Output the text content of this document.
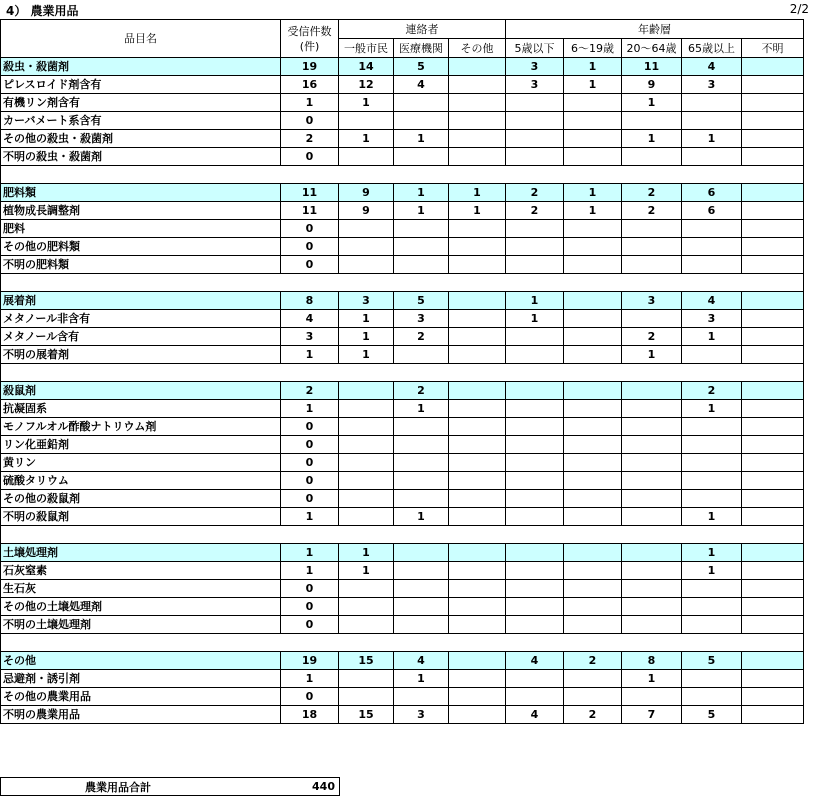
4） 農業用品	2/2
品目名	受信件数
(件)	連絡者			年齢層				
		一般市民	医療機関	その他	5歳以下	6～19歳	20～64歳	65歳以上	不明
殺虫・殺菌剤	19	14	5		3	1	11	4	
ピレスロイド剤含有	16	12	4		3	1	9	3	
有機リン剤含有	1	1					1		
カーバメート系含有	0								
その他の殺虫・殺菌剤	2	1	1				1	1	
不明の殺虫・殺菌剤	0								

肥料類	11	9	1	1	2	1	2	6	
植物成長調整剤	11	9	1	1	2	1	2	6	
肥料	0								
その他の肥料類	0								
不明の肥料類	0								

展着剤	8	3	5		1		3	4	
メタノール非含有	4	1	3		1			3	
メタノール含有	3	1	2				2	1	
不明の展着剤	1	1					1		

殺鼠剤	2		2					2	
抗凝固系	1		1					1	
モノフルオル酢酸ナトリウム剤	0								
リン化亜鉛剤	0								
黄リン	0								
硫酸タリウム	0								
その他の殺鼠剤	0								
不明の殺鼠剤	1		1					1	

土壌処理剤	1	1						1	
石灰窒素	1	1						1	
生石灰	0								
その他の土壌処理剤	0								
不明の土壌処理剤	0								

その他	19	15	4		4	2	8	5	
忌避剤・誘引剤	1		1				1		
その他の農業用品	0								
不明の農業用品	18	15	3		4	2	7	5	
農業用品合計	440
